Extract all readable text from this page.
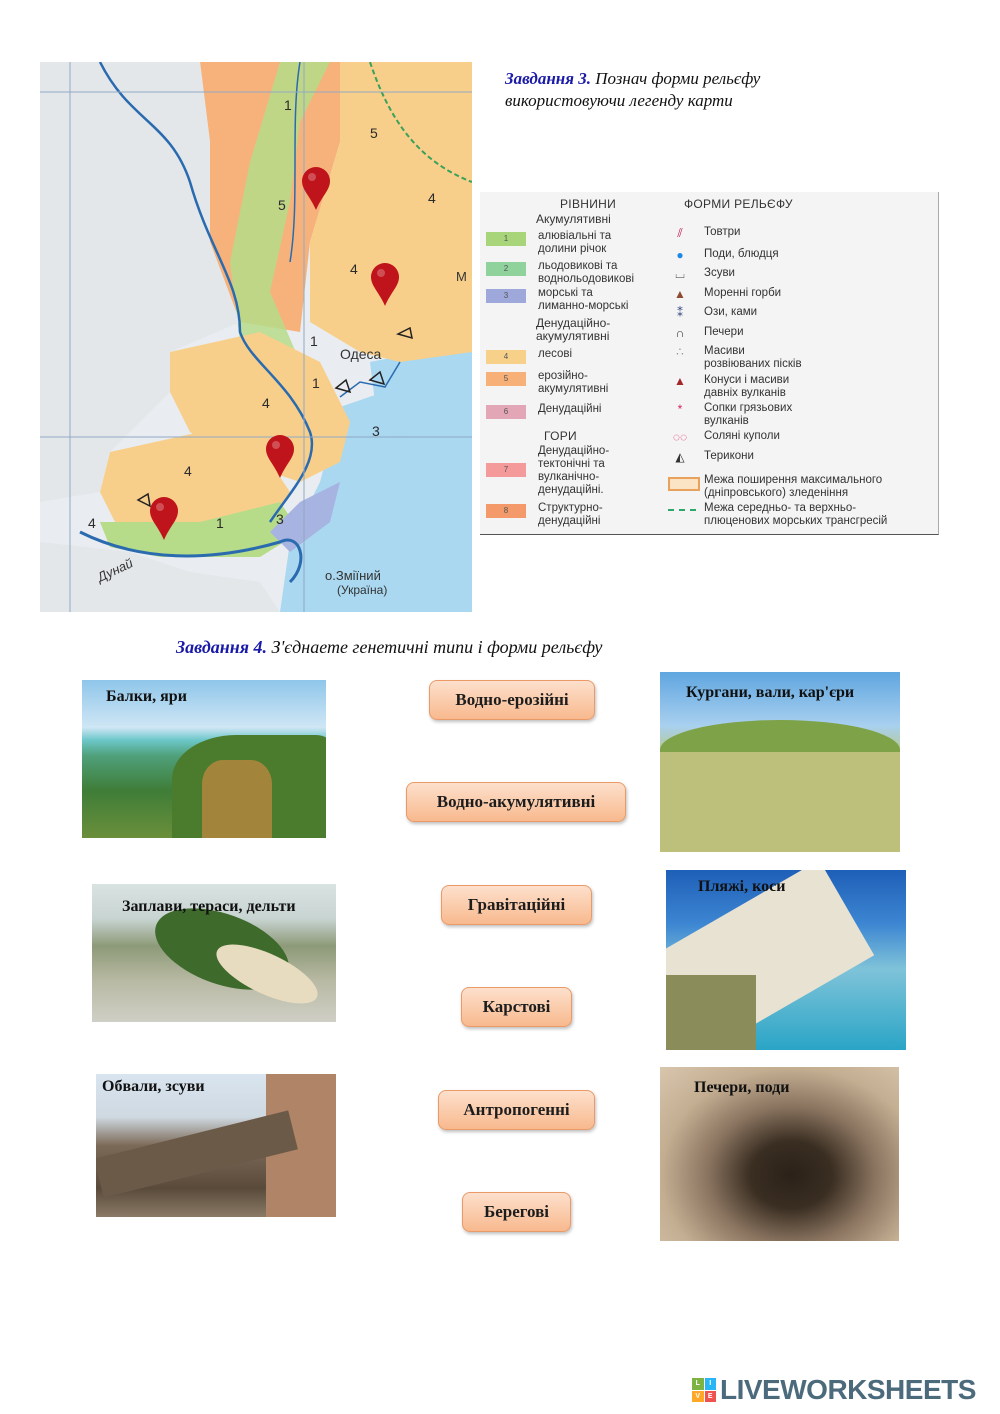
1
5
4
5
4
1
4
4
1
4
1
3
3
Одеса
о.Зміїний
(Україна)
Дунай
М
Завдання 3. Познач форми рельєфу використовуючи легенду карти
РІВНИНИ
Акумулятивні
1	алювіальні та
долини річок
2	льодовикові та
воднольодовикові
3	морські та
лиманно-морські
Денудаційно-
акумулятивні
4	лесові
5	ерозійно-
акумулятивні
6	Денудаційні
ГОРИ
7
Денудаційно-
тектонічні та
вулканічно-
денудаційні.
8	Структурно-
денудаційні
ФОРМИ РЕЛЬЄФУ
⫽	Товтри
●	Поди, блюдця
⌴	Зсуви
▲	Моренні горби
⁑	Ози, ками
∩	Печери
∴	Масиви
розвіюваних пісків
▲	Конуси і масиви
давніх вулканів
*	Сопки грязьових
вулканів
◌◌	Соляні куполи
◭	Терикони
Межа поширення максимального
(дніпровського) зледеніння
Межа середньо- та верхньо-
плюценових морських трансгресій
Завдання 4. З'єднаете генетичні типи і форми рельєфу
Балки, яри
Заплави, тераси, дельти
Обвали, зсуви
Кургани, вали, кар'єри
Пляжі, коси
Печери, поди
Водно-ерозійні
Водно-акумулятивні
Гравітаційні
Карстові
Антропогенні
Берегові
L	I
V	E LIVEWORKSHEETS
